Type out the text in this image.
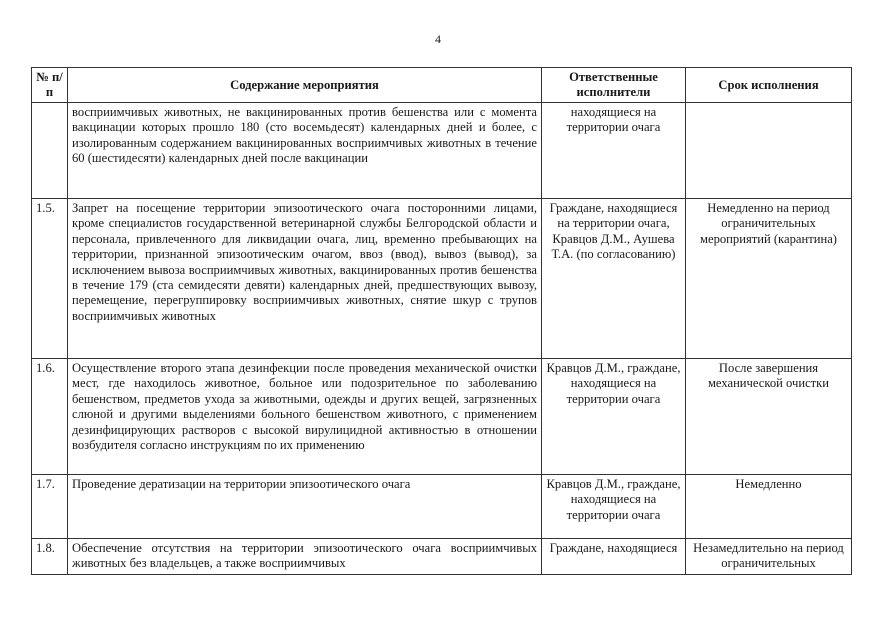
4
№ п/п	Содержание мероприятия	Ответственные исполнители	Срок исполнения
	восприимчивых животных, не вакцинированных против бешенства или с момента вакцинации которых прошло 180 (сто восемьдесят) календарных дней и более, с изолированным содержанием вакцинированных восприимчивых животных в течение 60 (шестидесяти) календарных дней после вакцинации	находящиеся на территории очага	
1.5.	Запрет на посещение территории эпизоотического очага посторонними лицами, кроме специалистов государственной ветеринарной службы Белгородской области и персонала, привлеченного для ликвидации очага, лиц, временно пребывающих на территории, признанной эпизоотическим очагом, ввоз (ввод), вывоз (вывод), за исключением вывоза восприимчивых животных, вакцинированных против бешенства в течение 179 (ста семидесяти девяти) календарных дней, предшествующих вывозу, перемещение, перегруппировку восприимчивых животных, снятие шкур с трупов восприимчивых животных	Граждане, находящиеся на территории очага, Кравцов Д.М., Аушева Т.А. (по согласованию)	Немедленно на период ограничительных мероприятий (карантина)
1.6.	Осуществление второго этапа дезинфекции после проведения механической очистки мест, где находилось животное, больное или подозрительное по заболеванию бешенством, предметов ухода за животными, одежды и других вещей, загрязненных слюной и другими выделениями больного бешенством животного, с применением дезинфицирующих растворов с высокой вирулицидной активностью в отношении возбудителя согласно инструкциям по их применению	Кравцов Д.М., граждане, находящиеся на территории очага	После завершения механической очистки
1.7.	Проведение дератизации на территории эпизоотического очага	Кравцов Д.М., граждане, находящиеся на территории очага	Немедленно
1.8.	Обеспечение отсутствия на территории эпизоотического очага восприимчивых животных без владельцев, а также восприимчивых	Граждане, находящиеся	Незамедлительно на период ограничительных
